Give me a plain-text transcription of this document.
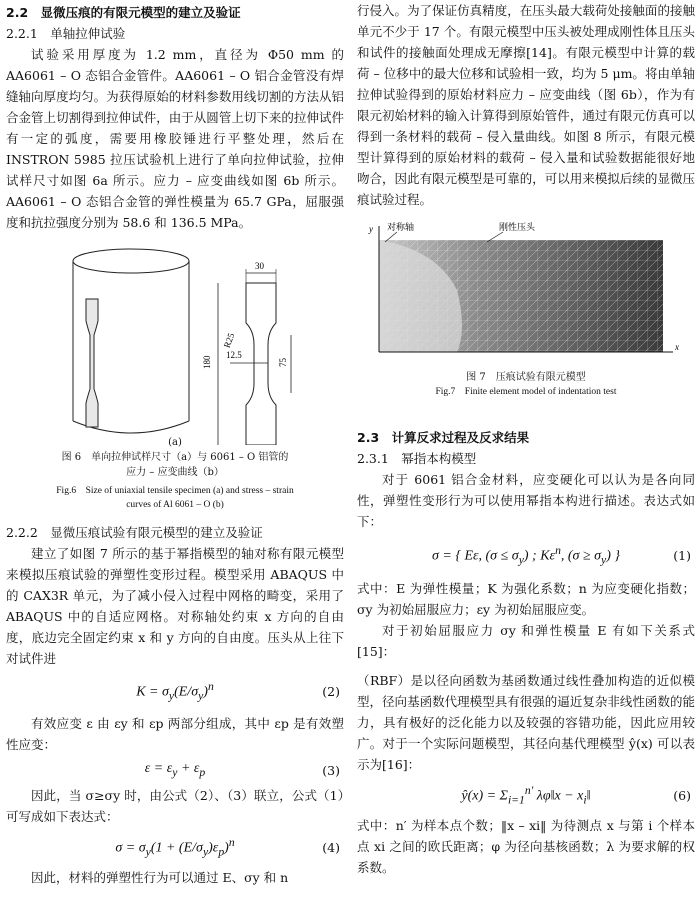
2.2　显微压痕的有限元模型的建立及验证

2.2.1　单轴拉伸试验

试验采用厚度为 1.2 mm，直径为 Φ50 mm 的 AA6061 – O 态铝合金管件。AA6061 – O 铝合金管没有焊缝轴向厚度均匀。为获得原始的材料参数用线切割的方法从铝合金管上切割得到拉伸试件，由于从圆管上切下来的拉伸试件有一定的弧度，需要用橡胶锤进行平整处理，然后在 INSTRON 5985 拉压试验机上进行了单向拉伸试验，拉伸试样尺寸如图 6a 所示。应力 – 应变曲线如图 6b 所示。AA6061 – O 态铝合金管的弹性模量为 65.7 GPa，屈服强度和抗拉强度分别为 58.6 和 136.5 MPa。

30
R25
12.5
180	75

(a)

图 6　单向拉伸试样尺寸（a）与 6061 – O 铝管的

应力 – 应变曲线（b）

Fig.6　Size of uniaxial tensile specimen (a) and stress – strain

curves of Al 6061 – O (b)

2.2.2　显微压痕试验有限元模型的建立及验证

建立了如图 7 所示的基于幂指模型的轴对称有限元模型来模拟压痕试验的弹塑性变形过程。模型采用 ABAQUS 中的 CAX3R 单元，为了减小侵入过程中网格的畸变，采用了 ABAQUS 中的自适应网格。对称轴处约束 x 方向的自由度，底边完全固定约束 x 和 y 方向的自由度。压头从上往下对试件进

$K = \sigma_y(E/\sigma_y)^n$	(2)

有效应变 ε 由 εy 和 εp 两部分组成，其中 εp 是有效塑性应变：

$\varepsilon = \varepsilon_y + \varepsilon_p$	(3)

因此，当 σ≥σy 时，由公式（2）、（3）联立，公式（1）可写成如下表达式：

$\sigma = \sigma_y(1 + (E/\sigma_y)\varepsilon_p)^n$	(4)

因此，材料的弹塑性行为可以通过 E、σy 和 n

行侵入。为了保证仿真精度，在压头最大载荷处接触面的接触单元不少于 17 个。有限元模型中压头被处理成刚性体且压头和试件的接触面处理成无摩擦[14]。有限元模型中计算的载荷 – 位移中的最大位移和试验相一致，均为 5 μm。将由单轴拉伸试验得到的原始材料应力 – 应变曲线（图 6b），作为有限元初始材料的输入计算得到原始管件，通过有限元仿真可以得到一条材料的载荷 – 侵入量曲线。如图 8 所示，有限元模型计算得到的原始材料的载荷 – 侵入量和试验数据能很好地吻合，因此有限元模型是可靠的，可以用来模拟后续的显微压痕试验过程。

y
x
对称轴	刚性压头

图 7　压痕试验有限元模型

Fig.7　Finite element model of indentation test

2.3　计算反求过程及反求结果

2.3.1　幂指本构模型

对于 6061 铝合金材料，应变硬化可以认为是各向同性，弹塑性变形行为可以使用幂指本构进行描述。表达式如下：

σ = { Eε, $(\sigma \le \sigma_y)$ ; $K\varepsilon^n$, $(\sigma \ge \sigma_y)$ }	(1)

式中：E 为弹性模量；K 为强化系数；n 为应变硬化指数；σy 为初始屈服应力；εy 为初始屈服应变。

对于初始屈服应力 σy 和弹性模量 E 有如下关系式[15]：

（RBF）是以径向函数为基函数通过线性叠加构造的近似模型，径向基函数代理模型具有很强的逼近复杂非线性函数的能力，具有极好的泛化能力以及较强的容错功能，因此应用较广。对于一个实际问题模型，其径向基代理模型 ŷ(x) 可以表示为[16]：

ŷ(x) = $\Sigma_{i=1}^{n'}$ λφ‖x − $x_i‖$	(6)

式中：n′ 为样本点个数；‖x – xi‖ 为待测点 x 与第 i 个样本点 xi 之间的欧氏距离；φ 为径向基核函数；λ 为要求解的权系数。
